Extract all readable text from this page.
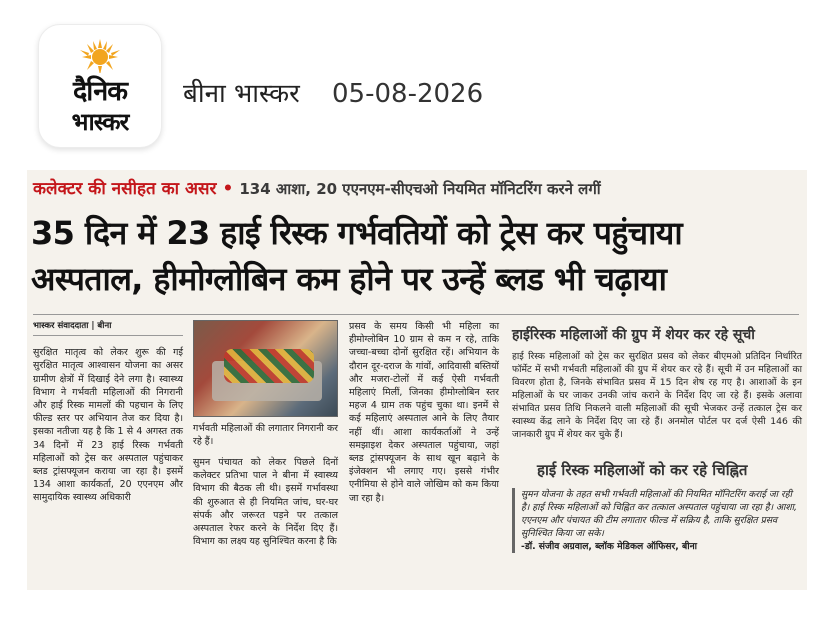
दैनिक
भास्कर
बीना भास्कर 05-08-2026
कलेक्टर की नसीहत का असर • 134 आशा, 20 एएनएम-सीएचओ नियमित मॉनिटरिंग करने लगीं
35 दिन में 23 हाई रिस्क गर्भवतियों को ट्रेस कर पहुंचाया
अस्पताल, हीमोग्लोबिन कम होने पर उन्हें ब्लड भी चढ़ाया
भास्कर संवाददाता | बीना
सुरक्षित मातृत्व को लेकर शुरू की गई सुरक्षित मातृत्व आश्वासन योजना का असर ग्रामीण क्षेत्रों में दिखाई देने लगा है। स्वास्थ्य विभाग ने गर्भवती महिलाओं की निगरानी और हाई रिस्क मामलों की पहचान के लिए फील्ड स्तर पर अभियान तेज कर दिया है। इसका नतीजा यह है कि 1 से 4 अगस्त तक 34 दिनों में 23 हाई रिस्क गर्भवती महिलाओं को ट्रेस कर अस्पताल पहुंचाकर ब्लड ट्रांसफ्यूजन कराया जा रहा है। इसमें 134 आशा कार्यकर्ता, 20 एएनएम और सामुदायिक स्वास्थ्य अधिकारी
गर्भवती महिलाओं की लगातार निगरानी कर रहे हैं।
सुमन पंचायत को लेकर पिछले दिनों कलेक्टर प्रतिभा पाल ने बीना में स्वास्थ्य विभाग की बैठक ली थी। इसमें गर्भावस्था की शुरुआत से ही नियमित जांच, घर-घर संपर्क और जरूरत पड़ने पर तत्काल अस्पताल रेफर करने के निर्देश दिए हैं। विभाग का लक्ष्य यह सुनिश्चित करना है कि
प्रसव के समय किसी भी महिला का हीमोग्लोबिन 10 ग्राम से कम न रहे, ताकि जच्चा-बच्चा दोनों सुरक्षित रहें। अभियान के दौरान दूर-दराज के गांवों, आदिवासी बस्तियों और मजरा-टोलों में कई ऐसी गर्भवती महिलाएं मिलीं, जिनका हीमोग्लोबिन स्तर महज 4 ग्राम तक पहुंच चुका था। इनमें से कई महिलाएं अस्पताल आने के लिए तैयार नहीं थीं। आशा कार्यकर्ताओं ने उन्हें समझाइश देकर अस्पताल पहुंचाया, जहां ब्लड ट्रांसफ्यूजन के साथ खून बढ़ाने के इंजेक्शन भी लगाए गए। इससे गंभीर एनीमिया से होने वाले जोखिम को कम किया जा रहा है।
हाईरिस्क महिलाओं की ग्रुप में शेयर कर रहे सूची
हाई रिस्क महिलाओं को ट्रेस कर सुरक्षित प्रसव को लेकर बीएमओ प्रतिदिन निर्धारित फॉर्मेट में सभी गर्भवती महिलाओं की ग्रुप में शेयर कर रहे हैं। सूची में उन महिलाओं का विवरण होता है, जिनके संभावित प्रसव में 15 दिन शेष रह गए है। आशाओं के इन महिलाओं के घर जाकर उनकी जांच कराने के निर्देश दिए जा रहे हैं। इसके अलावा संभावित प्रसव तिथि निकलने वाली महिलाओं की सूची भेजकर उन्हें तत्काल ट्रेस कर स्वास्थ्य केंद्र लाने के निर्देश दिए जा रहे हैं। अनमोल पोर्टल पर दर्ज ऐसी 146 की जानकारी ग्रुप में शेयर कर चुके हैं।
हाई रिस्क महिलाओं को कर रहे चिह्नित
सुमन योजना के तहत सभी गर्भवती महिलाओं की नियमित मॉनिटरिंग कराई जा रही है। हाई रिस्क महिलाओं को चिह्नित कर तत्काल अस्पताल पहुंचाया जा रहा है। आशा, एएनएम और पंचायत की टीम लगातार फील्ड में सक्रिय है, ताकि सुरक्षित प्रसव सुनिश्चित किया जा सके।
-डॉ. संजीव अग्रवाल, ब्लॉक मेडिकल ऑफिसर, बीना
